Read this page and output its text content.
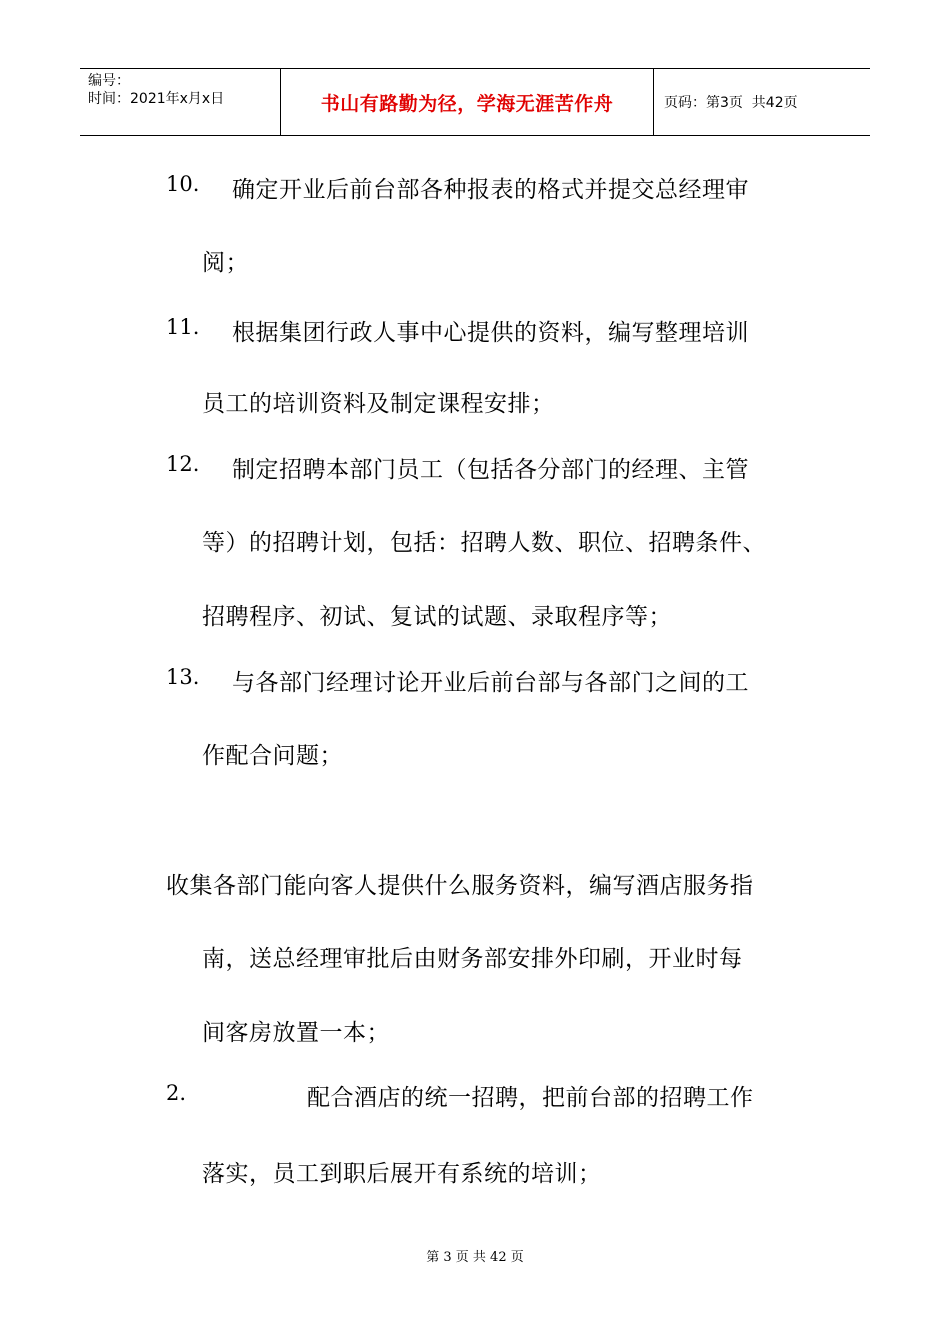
编号：
时间：2021年x月x日	书山有路勤为径，学海无涯苦作舟	页码：第3页  共42页
10. 确定开业后前台部各种报表的格式并提交总经理审
阅；
11. 根据集团行政人事中心提供的资料，编写整理培训
员工的培训资料及制定课程安排；
12. 制定招聘本部门员工（包括各分部门的经理、主管
等）的招聘计划，包括：招聘人数、职位、招聘条件、
招聘程序、初试、复试的试题、录取程序等；
13. 与各部门经理讨论开业后前台部与各部门之间的工
作配合问题；
收集各部门能向客人提供什么服务资料，编写酒店服务指
南，送总经理审批后由财务部安排外印刷，开业时每
间客房放置一本；
2.	配合酒店的统一招聘，把前台部的招聘工作
落实，员工到职后展开有系统的培训；
第 3 页 共 42 页
